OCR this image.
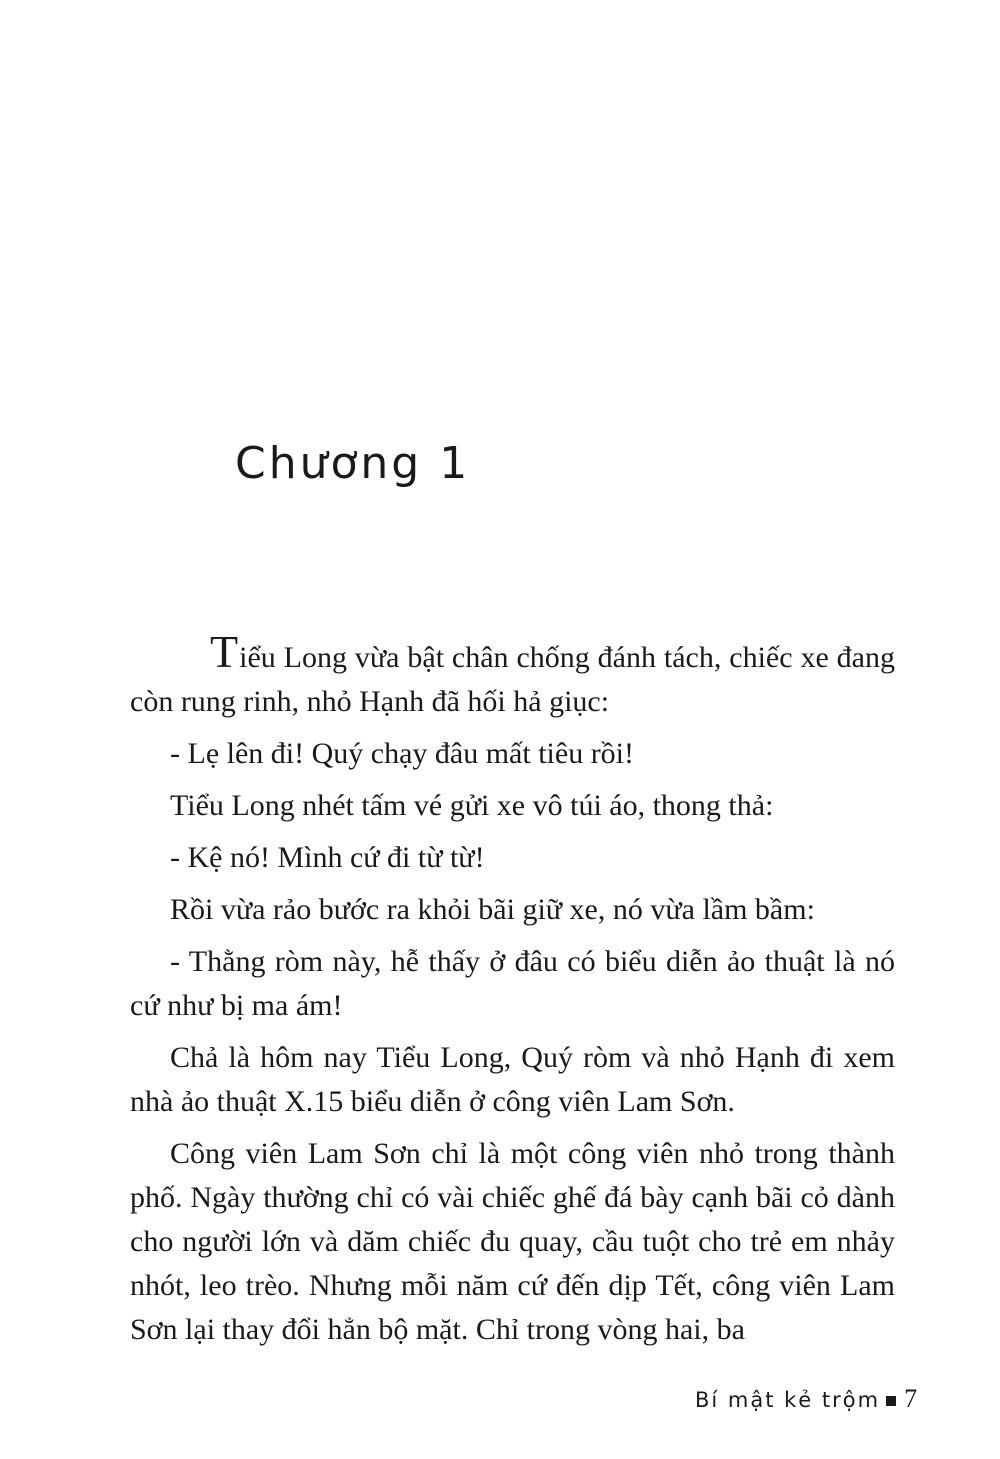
Chương 1

Tiểu Long vừa bật chân chống đánh tách, chiếc xe đang còn rung rinh, nhỏ Hạnh đã hối hả giục:

- Lẹ lên đi! Quý chạy đâu mất tiêu rồi!

Tiểu Long nhét tấm vé gửi xe vô túi áo, thong thả:

- Kệ nó! Mình cứ đi từ từ!

Rồi vừa rảo bước ra khỏi bãi giữ xe, nó vừa lầm bầm:

- Thằng ròm này, hễ thấy ở đâu có biểu diễn ảo thuật là nó cứ như bị ma ám!

Chả là hôm nay Tiểu Long, Quý ròm và nhỏ Hạnh đi xem nhà ảo thuật X.15 biểu diễn ở công viên Lam Sơn.

Công viên Lam Sơn chỉ là một công viên nhỏ trong thành phố. Ngày thường chỉ có vài chiếc ghế đá bày cạnh bãi cỏ dành cho người lớn và dăm chiếc đu quay, cầu tuột cho trẻ em nhảy nhót, leo trèo. Nhưng mỗi năm cứ đến dịp Tết, công viên Lam Sơn lại thay đổi hẳn bộ mặt. Chỉ trong vòng hai, ba

Bí mật kẻ trộm 7
